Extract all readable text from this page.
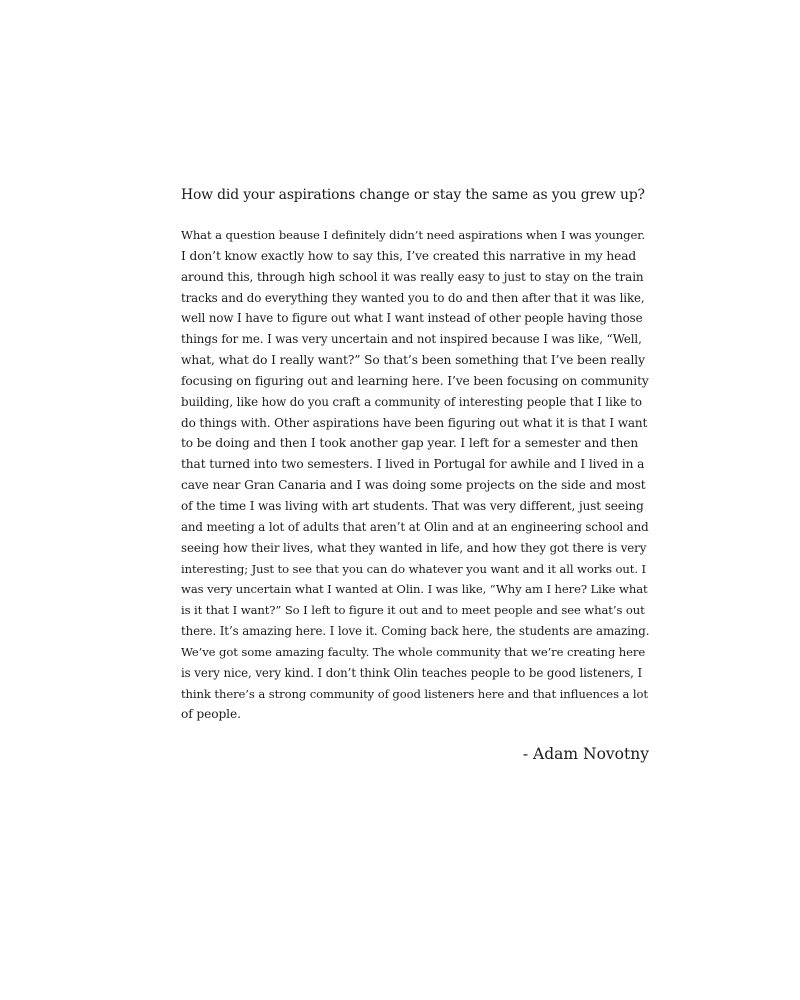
How did your aspirations change or stay the same as you grew up?

What a question beause I definitely didn’t need aspirations when I was younger.
I don’t know exactly how to say this, I’ve created this narrative in my head
around this, through high school it was really easy to just to stay on the train
tracks and do everything they wanted you to do and then after that it was like,
well now I have to figure out what I want instead of other people having those
things for me. I was very uncertain and not inspired because I was like, “Well,
what, what do I really want?” So that’s been something that I’ve been really
focusing on figuring out and learning here. I’ve been focusing on community
building, like how do you craft a community of interesting people that I like to
do things with. Other aspirations have been figuring out what it is that I want
to be doing and then I took another gap year. I left for a semester and then
that turned into two semesters. I lived in Portugal for awhile and I lived in a
cave near Gran Canaria and I was doing some projects on the side and most
of the time I was living with art students. That was very different, just seeing
and meeting a lot of adults that aren’t at Olin and at an engineering school and
seeing how their lives, what they wanted in life, and how they got there is very
interesting; Just to see that you can do whatever you want and it all works out. I
was very uncertain what I wanted at Olin. I was like, “Why am I here? Like what
is it that I want?” So I left to figure it out and to meet people and see what’s out
there. It’s amazing here. I love it. Coming back here, the students are amazing.
We’ve got some amazing faculty. The whole community that we’re creating here
is very nice, very kind. I don’t think Olin teaches people to be good listeners, I
think there’s a strong community of good listeners here and that influences a lot
of people.

- Adam Novotny
